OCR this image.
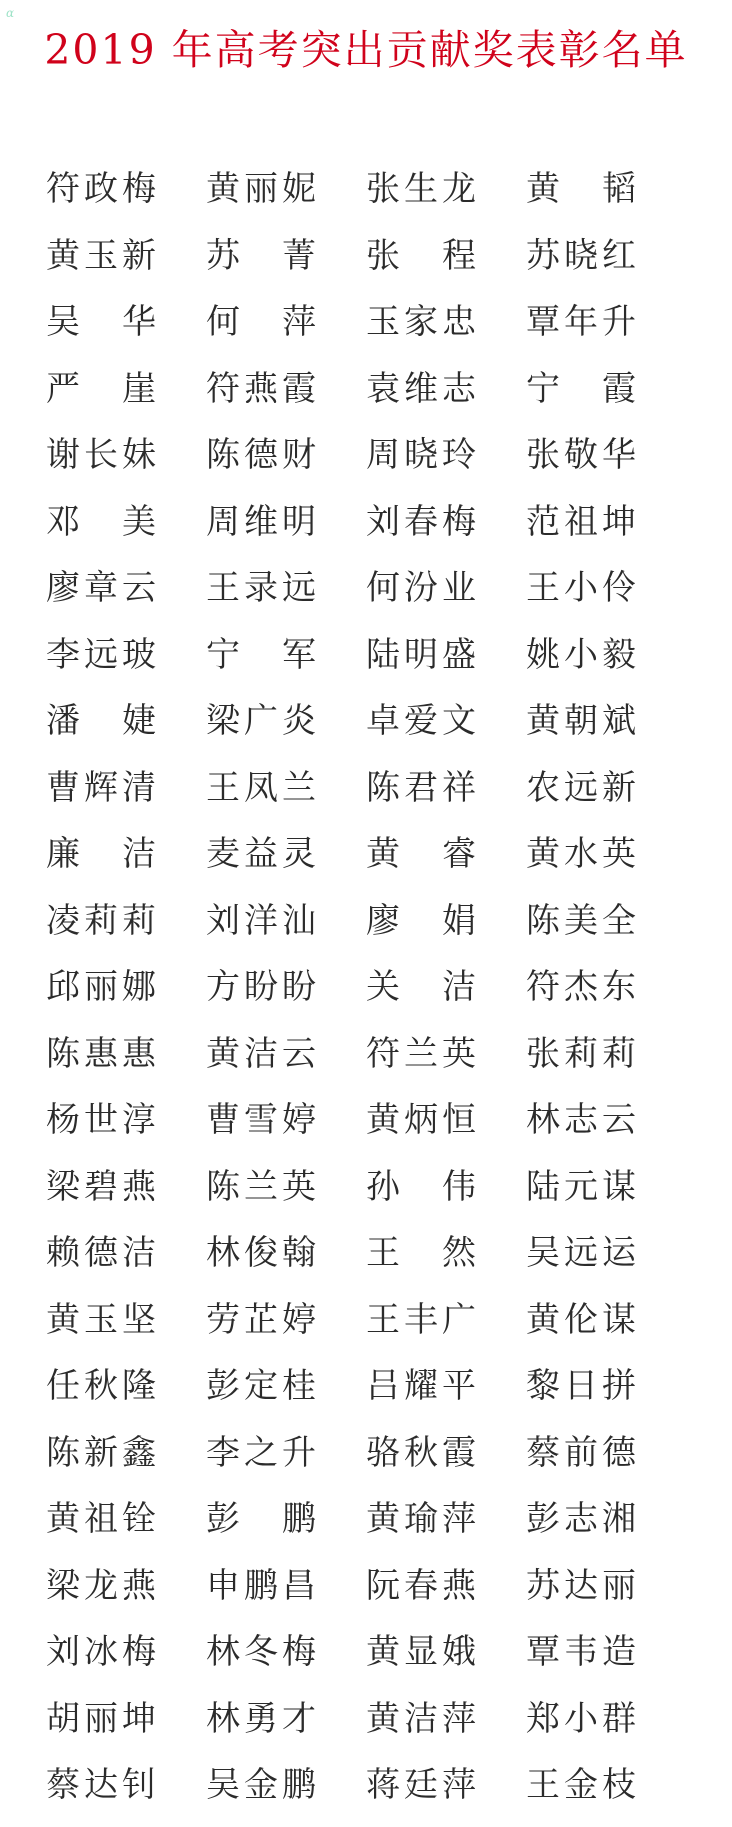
α
2019 年高考突出贡献奖表彰名单
符 政 梅 黄 丽 妮 张 生 龙 黄 韬
黄 玉 新 苏 菁 张 程 苏 晓 红
吴 华 何 萍 玉 家 忠 覃 年 升
严 崖 符 燕 霞 袁 维 志 宁 霞
谢 长 妹 陈 德 财 周 晓 玲 张 敬 华
邓 美 周 维 明 刘 春 梅 范 祖 坤
廖 章 云 王 录 远 何 汾 业 王 小 伶
李 远 玻 宁 军 陆 明 盛 姚 小 毅
潘 婕 梁 广 炎 卓 爱 文 黄 朝 斌
曹 辉 清 王 凤 兰 陈 君 祥 农 远 新
廉 洁 麦 益 灵 黄 睿 黄 水 英
凌 莉 莉 刘 洋 汕 廖 娟 陈 美 全
邱 丽 娜 方 盼 盼 关 洁 符 杰 东
陈 惠 惠 黄 洁 云 符 兰 英 张 莉 莉
杨 世 淳 曹 雪 婷 黄 炳 恒 林 志 云
梁 碧 燕 陈 兰 英 孙 伟 陆 元 谋
赖 德 洁 林 俊 翰 王 然 吴 远 运
黄 玉 坚 劳 芷 婷 王 丰 广 黄 伦 谋
任 秋 隆 彭 定 桂 吕 耀 平 黎 日 拼
陈 新 鑫 李 之 升 骆 秋 霞 蔡 前 德
黄 祖 铨 彭 鹏 黄 瑜 萍 彭 志 湘
梁 龙 燕 申 鹏 昌 阮 春 燕 苏 达 丽
刘 冰 梅 林 冬 梅 黄 显 娥 覃 韦 造
胡 丽 坤 林 勇 才 黄 洁 萍 郑 小 群
蔡 达 钊 吴 金 鹏 蒋 廷 萍 王 金 枝
